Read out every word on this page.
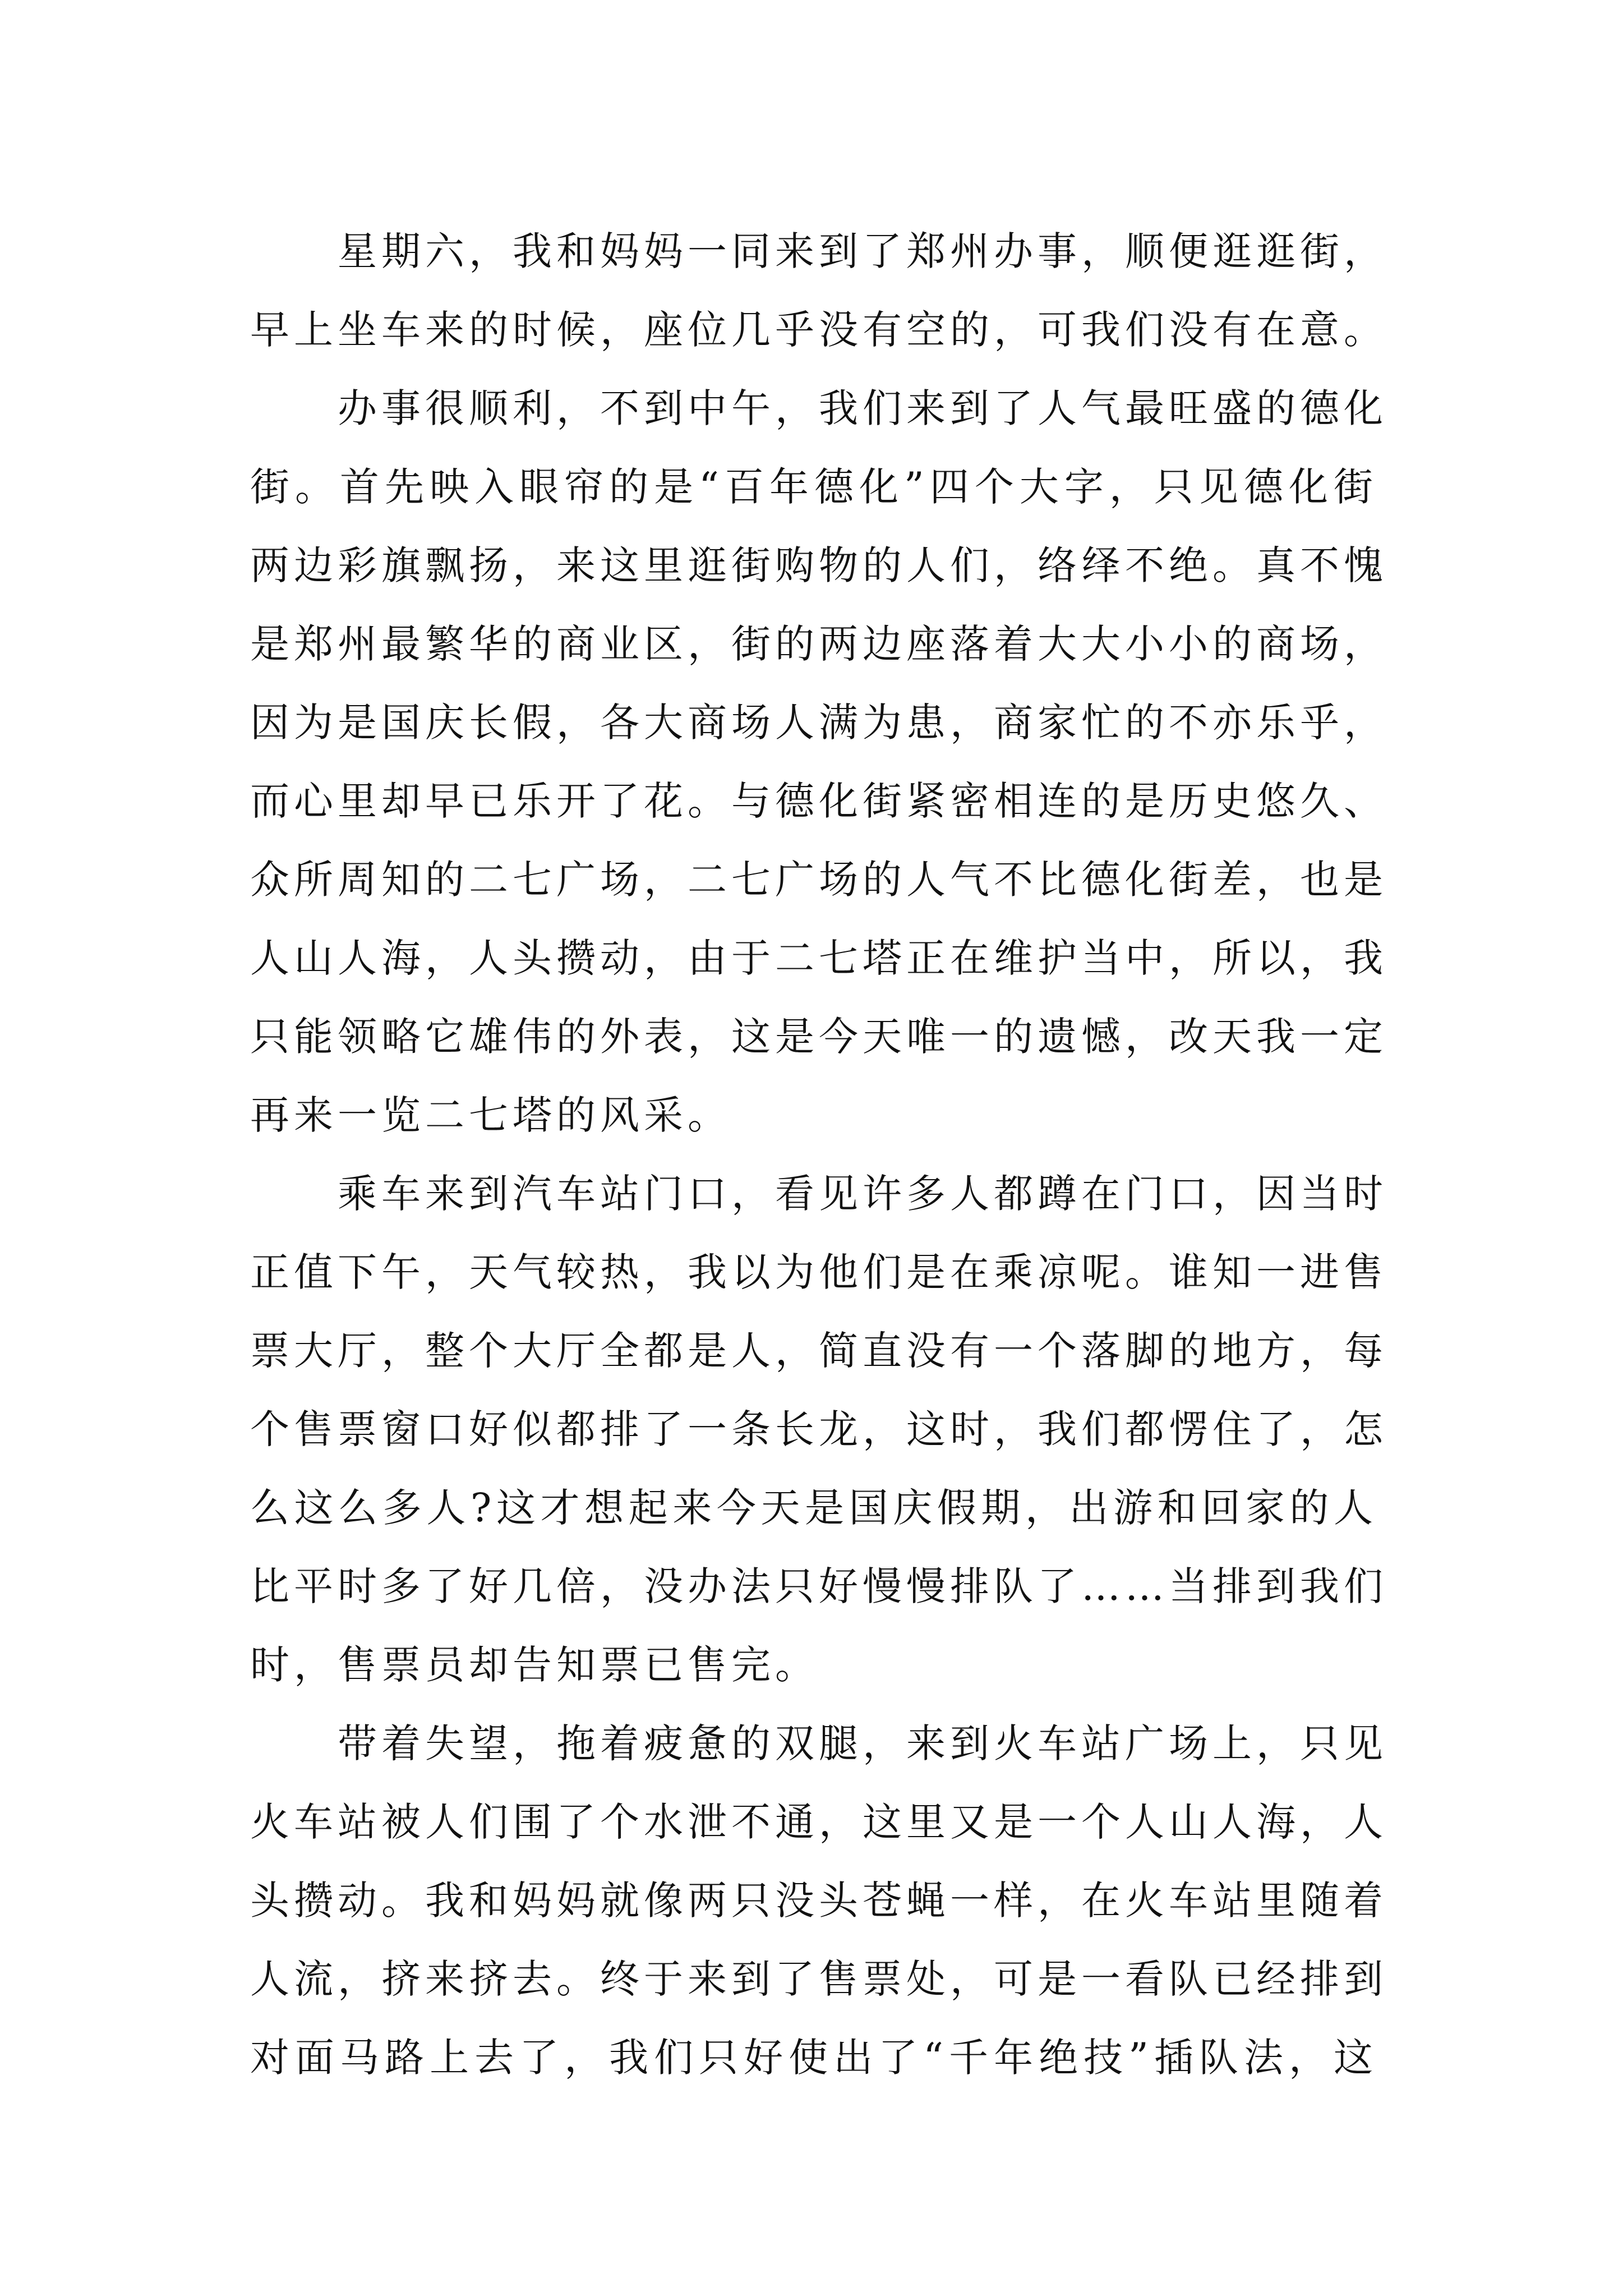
星期六，我和妈妈一同来到了郑州办事，顺便逛逛街，
早上坐车来的时候，座位几乎没有空的，可我们没有在意。
办事很顺利，不到中午，我们来到了人气最旺盛的德化
街。首先映入眼帘的是“百年德化”四个大字，只见德化街
两边彩旗飘扬，来这里逛街购物的人们，络绎不绝。真不愧
是郑州最繁华的商业区，街的两边座落着大大小小的商场，
因为是国庆长假，各大商场人满为患，商家忙的不亦乐乎，
而心里却早已乐开了花。与德化街紧密相连的是历史悠久、
众所周知的二七广场，二七广场的人气不比德化街差，也是
人山人海，人头攒动，由于二七塔正在维护当中，所以，我
只能领略它雄伟的外表，这是今天唯一的遗憾，改天我一定
再来一览二七塔的风采。
乘车来到汽车站门口，看见许多人都蹲在门口，因当时
正值下午，天气较热，我以为他们是在乘凉呢。谁知一进售
票大厅，整个大厅全都是人，简直没有一个落脚的地方，每
个售票窗口好似都排了一条长龙，这时，我们都愣住了，怎
么这么多人?这才想起来今天是国庆假期，出游和回家的人
比平时多了好几倍，没办法只好慢慢排队了……当排到我们
时，售票员却告知票已售完。
带着失望，拖着疲惫的双腿，来到火车站广场上，只见
火车站被人们围了个水泄不通，这里又是一个人山人海，人
头攒动。我和妈妈就像两只没头苍蝇一样，在火车站里随着
人流，挤来挤去。终于来到了售票处，可是一看队已经排到
对面马路上去了，我们只好使出了“千年绝技”插队法，这
